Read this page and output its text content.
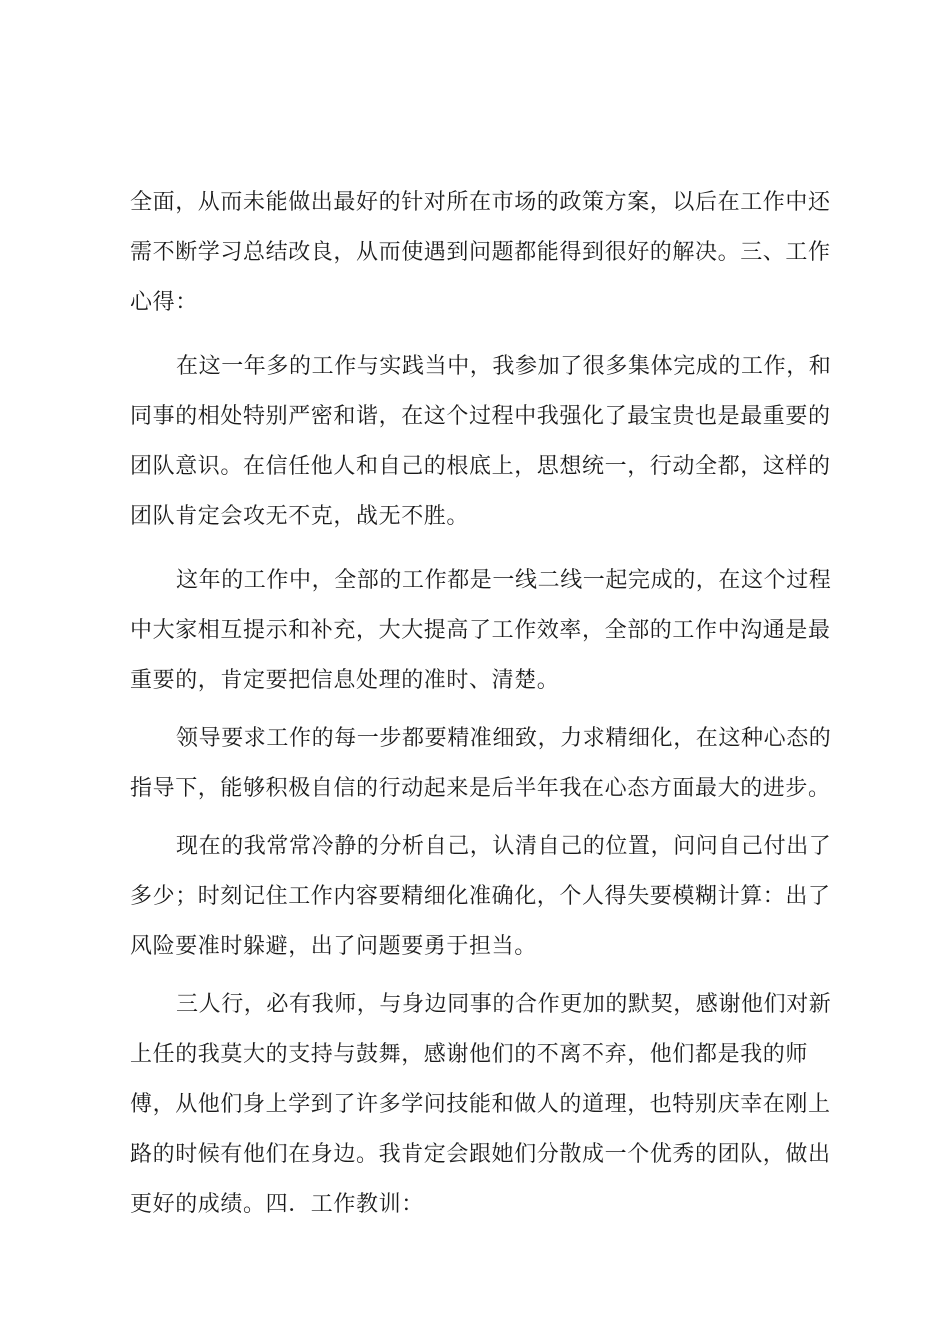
全面，从而未能做出最好的针对所在市场的政策方案，以后在工作中还
需不断学习总结改良，从而使遇到问题都能得到很好的解决。三、工作
心得：

在这一年多的工作与实践当中，我参加了很多集体完成的工作，和
同事的相处特别严密和谐，在这个过程中我强化了最宝贵也是最重要的
团队意识。在信任他人和自己的根底上，思想统一，行动全都，这样的
团队肯定会攻无不克，战无不胜。

这年的工作中，全部的工作都是一线二线一起完成的，在这个过程
中大家相互提示和补充，大大提高了工作效率，全部的工作中沟通是最
重要的，肯定要把信息处理的准时、清楚。

领导要求工作的每一步都要精准细致，力求精细化，在这种心态的
指导下，能够积极自信的行动起来是后半年我在心态方面最大的进步。

现在的我常常冷静的分析自己，认清自己的位置，问问自己付出了
多少；时刻记住工作内容要精细化准确化，个人得失要模糊计算：出了
风险要准时躲避，出了问题要勇于担当。

三人行，必有我师，与身边同事的合作更加的默契，感谢他们对新
上任的我莫大的支持与鼓舞，感谢他们的不离不弃，他们都是我的师
傅，从他们身上学到了许多学问技能和做人的道理，也特别庆幸在刚上
路的时候有他们在身边。我肯定会跟她们分散成一个优秀的团队，做出
更好的成绩。四．工作教训：
